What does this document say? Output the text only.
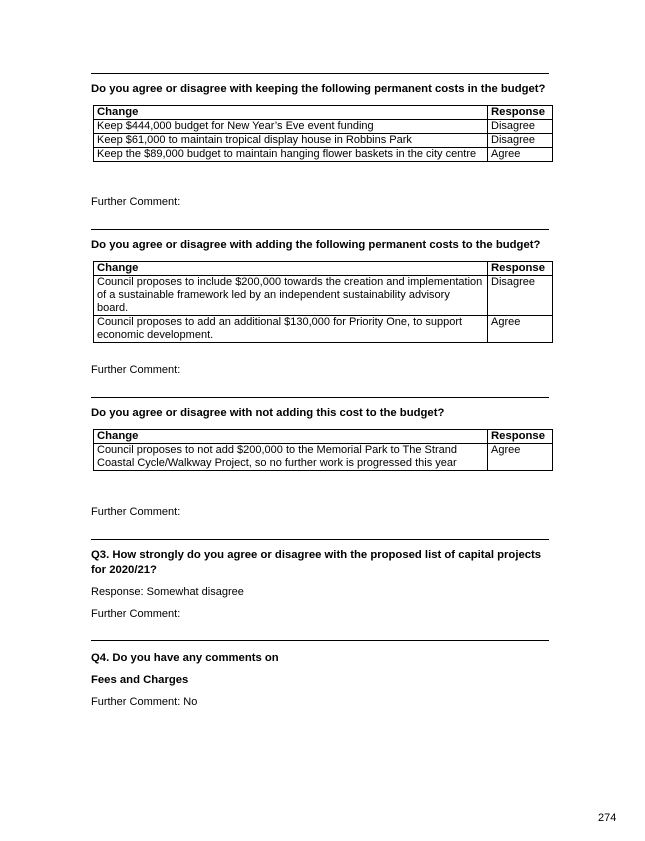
Do you agree or disagree with keeping the following permanent costs in the budget?
Change	Response
Keep $444,000 budget for New Year’s Eve event funding	Disagree
Keep $61,000 to maintain tropical display house in Robbins Park	Disagree
Keep the $89,000 budget to maintain hanging flower baskets in the city centre	Agree
Further Comment:
Do you agree or disagree with adding the following permanent costs to the budget?
Change	Response
Council proposes to include $200,000 towards the creation and implementation of a sustainable framework led by an independent sustainability advisory board.	Disagree
Council proposes to add an additional $130,000 for Priority One, to support economic development.	Agree
Further Comment:
Do you agree or disagree with not adding this cost to the budget?
Change	Response
Council proposes to not add $200,000 to the Memorial Park to The Strand Coastal Cycle/Walkway Project, so no further work is progressed this year	Agree
Further Comment:
Q3. How strongly do you agree or disagree with the proposed list of capital projects for 2020/21?
Response: Somewhat disagree
Further Comment:
Q4. Do you have any comments on
Fees and Charges
Further Comment: No
274
